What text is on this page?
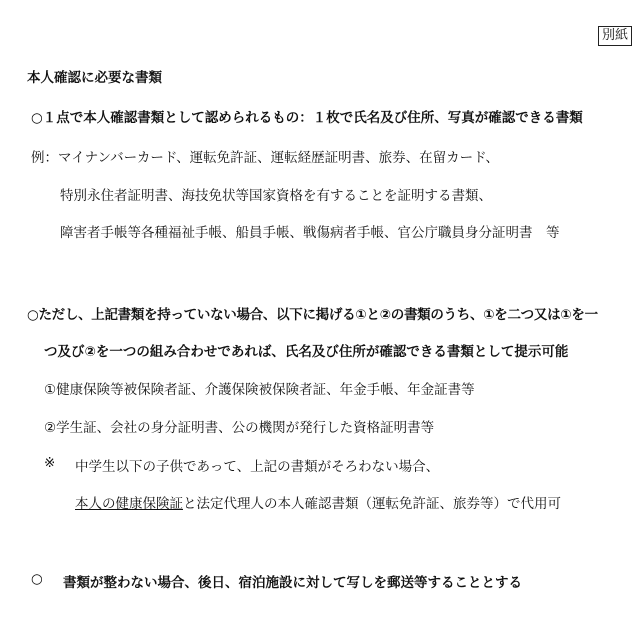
別紙
本人確認に必要な書類
○１点で本人確認書類として認められるもの：１枚で氏名及び住所、写真が確認できる書類
例：マイナンバーカード、運転免許証、運転経歴証明書、旅券、在留カード、
特別永住者証明書、海技免状等国家資格を有することを証明する書類、
障害者手帳等各種福祉手帳、船員手帳、戦傷病者手帳、官公庁職員身分証明書　等
○ただし、上記書類を持っていない場合、以下に掲げる①と②の書類のうち、①を二つ又は①を一
つ及び②を一つの組み合わせであれば、氏名及び住所が確認できる書類として提示可能
①健康保険等被保険者証、介護保険被保険者証、年金手帳、年金証書等
②学生証、会社の身分証明書、公の機関が発行した資格証明書等
※ 中学生以下の子供であって、上記の書類がそろわない場合、
本人の健康保険証と法定代理人の本人確認書類（運転免許証、旅券等）で代用可
○ 書類が整わない場合、後日、宿泊施設に対して写しを郵送等することとする
